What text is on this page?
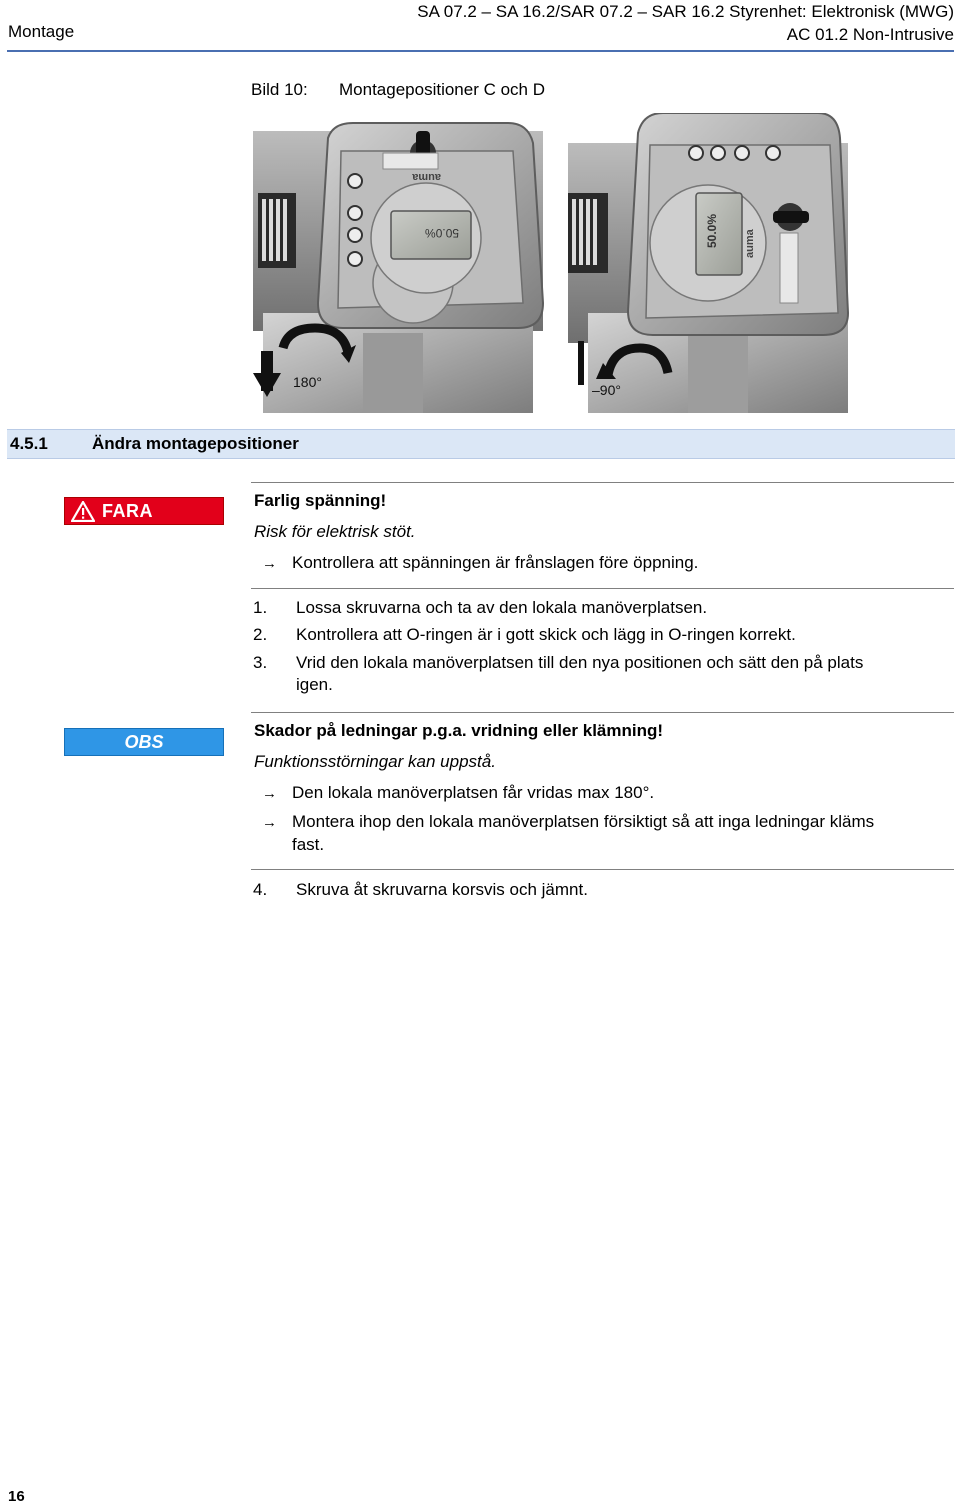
Montage
SA 07.2 – SA 16.2/SAR 07.2 – SAR 16.2 Styrenhet: Elektronisk (MWG)
AC 01.2 Non-Intrusive
Bild 10: Montagepositioner C och D
auma
50.0%
180°
50.0% auma
–90°
4.5.1	Ändra montagepositioner
FARA
Farlig spänning!
Risk för elektrisk stöt.
→ Kontrollera att spänningen är frånslagen före öppning.
1. Lossa skruvarna och ta av den lokala manöverplatsen.
2. Kontrollera att O-ringen är i gott skick och lägg in O-ringen korrekt.
3. Vrid den lokala manöverplatsen till den nya positionen och sätt den på plats
igen.
OBS
Skador på ledningar p.g.a. vridning eller klämning!
Funktionsstörningar kan uppstå.
→ Den lokala manöverplatsen får vridas max 180°.
→ Montera ihop den lokala manöverplatsen försiktigt så att inga ledningar kläms
fast.
4. Skruva åt skruvarna korsvis och jämnt.
16
